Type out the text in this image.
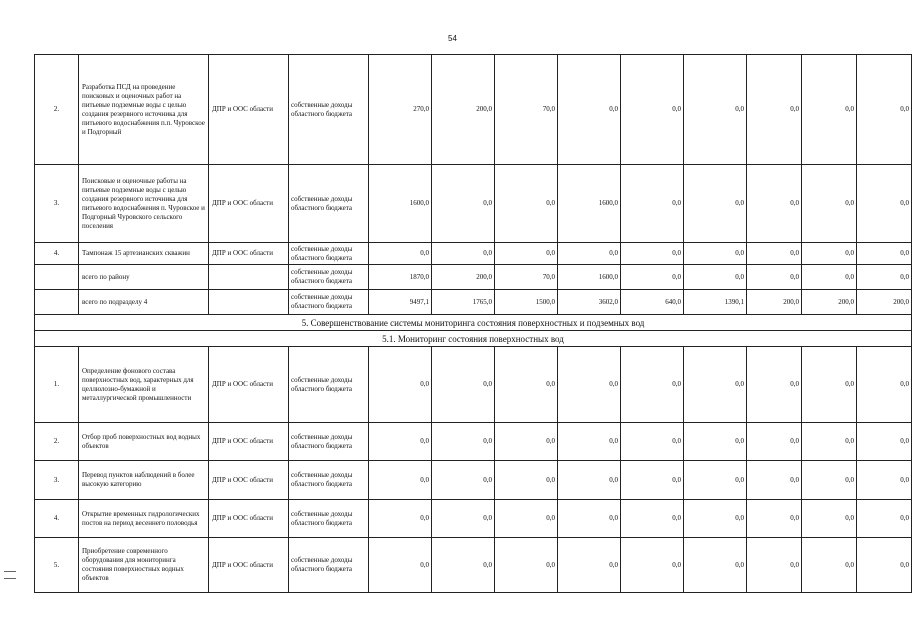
54
2.	Разработка ПСД на проведение поисковых и оценочных работ на питьевые подземные воды с целью создания резервного источника для питьевого водоснабжения п.п. Чуровское и Подгорный	ДПР и ООС области	собственные доходы областного бюджета	270,0	200,0	70,0	0,0	0,0	0,0	0,0	0,0	0,0
3.	Поисковые и оценочные работы на питьевые подземные воды с целью создания резервного источника для питьевого водоснабжения п. Чуровское и Подгорный Чуровского сельского поселения	ДПР и ООС области	собственные доходы областного бюджета	1600,0	0,0	0,0	1600,0	0,0	0,0	0,0	0,0	0,0
4.	Тампонаж 15 артезианских скважин	ДПР и ООС области	собственные доходы областного бюджета	0,0	0,0	0,0	0,0	0,0	0,0	0,0	0,0	0,0
	всего по району		собственные доходы областного бюджета	1870,0	200,0	70,0	1600,0	0,0	0,0	0,0	0,0	0,0
	всего по подразделу 4		собственные доходы областного бюджета	9497,1	1765,0	1500,0	3602,0	640,0	1390,1	200,0	200,0	200,0
5. Совершенствование системы мониторинга состояния поверхностных и подземных вод												
5.1. Мониторинг состояния поверхностных вод												
1.	Определение фонового состава поверхностных вод, характерных для целлюлозно-бумажной и металлургической промышленности	ДПР и ООС области	собственные доходы областного бюджета	0,0	0,0	0,0	0,0	0,0	0,0	0,0	0,0	0,0
2.	Отбор проб поверхностных вод водных объектов	ДПР и ООС области	собственные доходы областного бюджета	0,0	0,0	0,0	0,0	0,0	0,0	0,0	0,0	0,0
3.	Перевод пунктов наблюдений в более высокую категорию	ДПР и ООС области	собственные доходы областного бюджета	0,0	0,0	0,0	0,0	0,0	0,0	0,0	0,0	0,0
4.	Открытие временных гидрологических постов на период весеннего половодья	ДПР и ООС области	собственные доходы областного бюджета	0,0	0,0	0,0	0,0	0,0	0,0	0,0	0,0	0,0
5.	Приобретение современного оборудования для мониторинга состояния поверхностных водных объектов	ДПР и ООС области	собственные доходы областного бюджета	0,0	0,0	0,0	0,0	0,0	0,0	0,0	0,0	0,0
